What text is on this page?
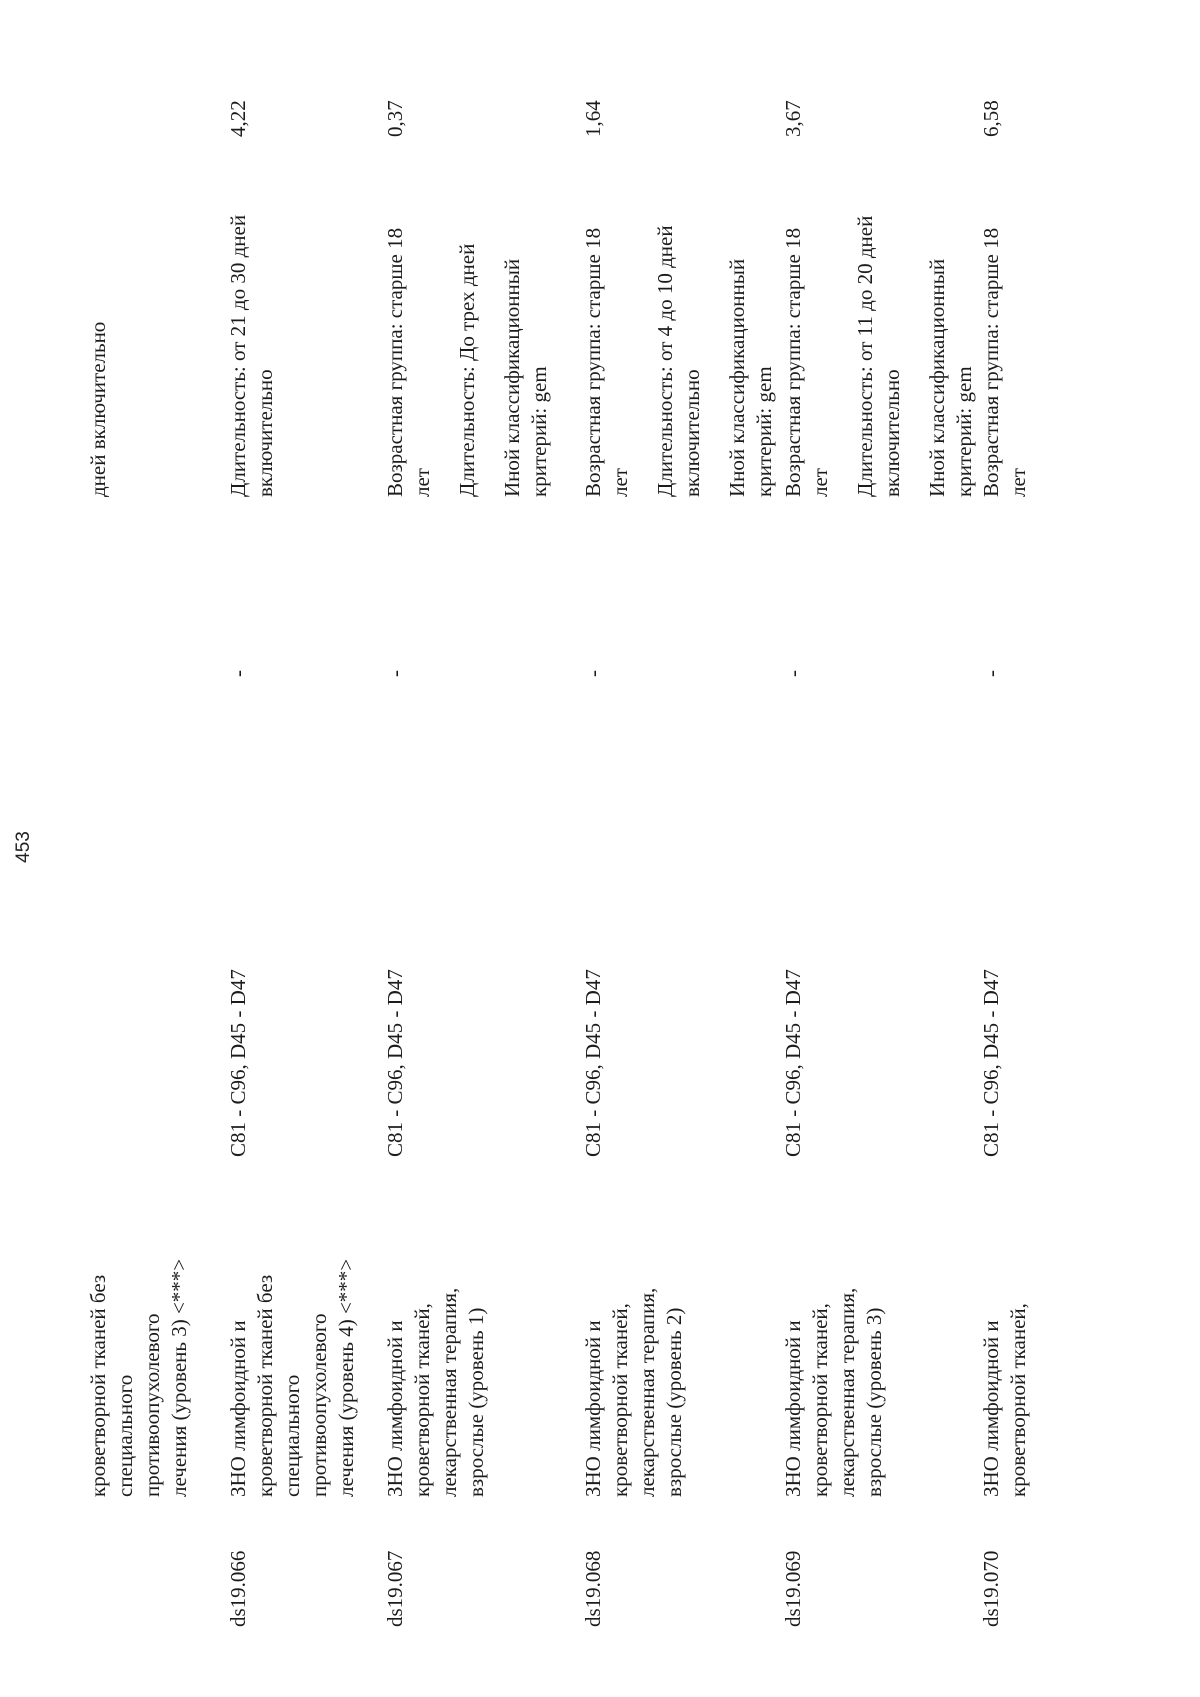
453
кроветворной тканей без специального противоопухолевого лечения (уровень 3) <***>
дней включительно
ds19.066
ЗНО лимфоидной и кроветворной тканей без специального противоопухолевого лечения (уровень 4) <***>
C81 - C96, D45 - D47
-
Длительность: от 21 до 30 дней включительно
4,22
ds19.067
ЗНО лимфоидной и кроветворной тканей, лекарственная терапия, взрослые (уровень 1)
C81 - C96, D45 - D47
-
Возрастная группа: старше 18 лет Длительность: До трех дней Иной классификационный критерий: gem
0,37
ds19.068
ЗНО лимфоидной и кроветворной тканей, лекарственная терапия, взрослые (уровень 2)
C81 - C96, D45 - D47
-
Возрастная группа: старше 18 лет Длительность: от 4 до 10 дней включительно Иной классификационный критерий: gem
1,64
ds19.069
ЗНО лимфоидной и кроветворной тканей, лекарственная терапия, взрослые (уровень 3)
C81 - C96, D45 - D47
-
Возрастная группа: старше 18 лет Длительность: от 11 до 20 дней включительно Иной классификационный критерий: gem
3,67
ds19.070
ЗНО лимфоидной и кроветворной тканей,
C81 - C96, D45 - D47
-
Возрастная группа: старше 18 лет
6,58
